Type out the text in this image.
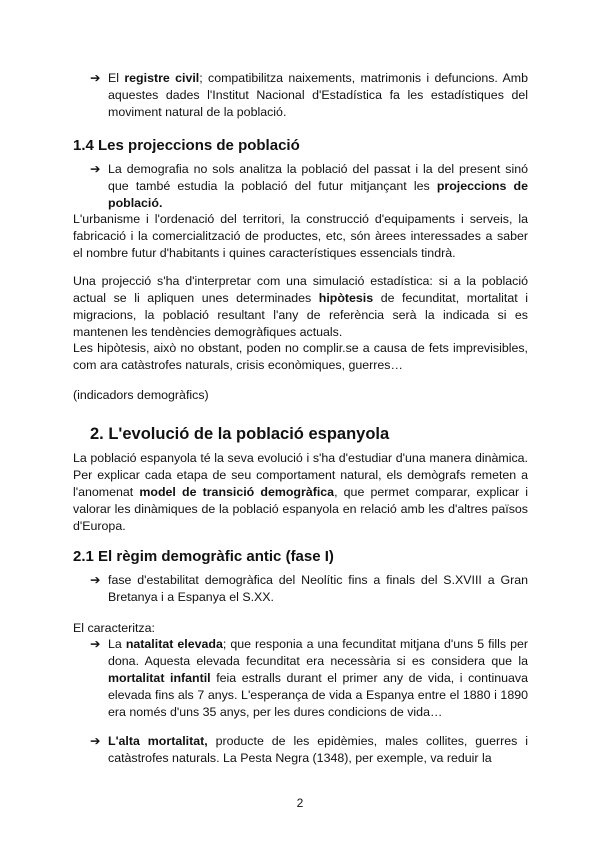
➔ El registre civil; compatibilitza naixements, matrimonis i defuncions. Amb aquestes dades l'Institut Nacional d'Estadística fa les estadístiques del moviment natural de la població.
1.4 Les projeccions de població
➔ La demografia no sols analitza la població del passat i la del present sinó que també estudia la població del futur mitjançant les projeccions de població.

L'urbanisme i l'ordenació del territori, la construcció d'equipaments i serveis, la fabricació i la comercialització de productes, etc, són àrees interessades a saber el nombre futur d'habitants i quines característiques essencials tindrà.

Una projecció s'ha d'interpretar com una simulació estadística: si a la població actual se li apliquen unes determinades hipòtesis de fecunditat, mortalitat i migracions, la població resultant l'any de referència serà la indicada si es mantenen les tendències demogràfiques actuals.

Les hipòtesis, això no obstant, poden no complir.se a causa de fets imprevisibles, com ara catàstrofes naturals, crisis econòmiques, guerres…

(indicadors demogràfics)

2. L'evolució de la població espanyola

La població espanyola té la seva evolució i s'ha d'estudiar d'una manera dinàmica. Per explicar cada etapa de seu comportament natural, els demògrafs remeten a l'anomenat model de transició demogràfica, que permet comparar, explicar i valorar les dinàmiques de la població espanyola en relació amb les d'altres països d'Europa.

2.1 El règim demogràfic antic (fase I)
➔ fase d'estabilitat demogràfica del Neolític fins a finals del S.XVIII a Gran Bretanya i a Espanya el S.XX.

El caracteritza:

➔ La natalitat elevada; que responia a una fecunditat mitjana d'uns 5 fills per dona. Aquesta elevada fecunditat era necessària si es considera que la mortalitat infantil feia estralls durant el primer any de vida, i continuava elevada fins als 7 anys. L'esperança de vida a Espanya entre el 1880 i 1890 era només d'uns 35 anys, per les dures condicions de vida…
➔ L'alta mortalitat, producte de les epidèmies, males collites, guerres i catàstrofes naturals. La Pesta Negra (1348), per exemple, va reduir la
2
